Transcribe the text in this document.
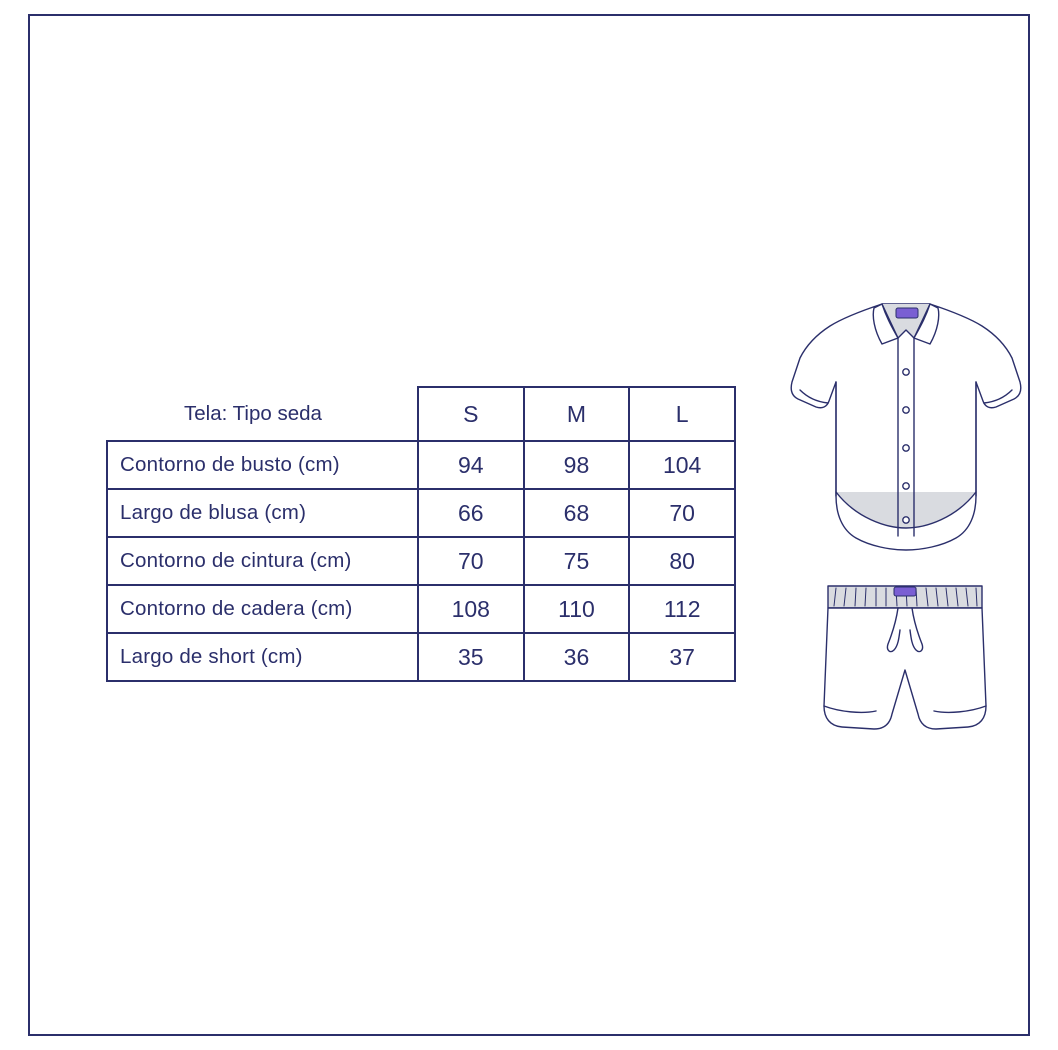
Tela: Tipo seda	S	M	L
Contorno de busto (cm)	94	98	104
Largo de blusa (cm)	66	68	70
Contorno de cintura (cm)	70	75	80
Contorno de cadera (cm)	108	110	112
Largo de short (cm)	35	36	37
